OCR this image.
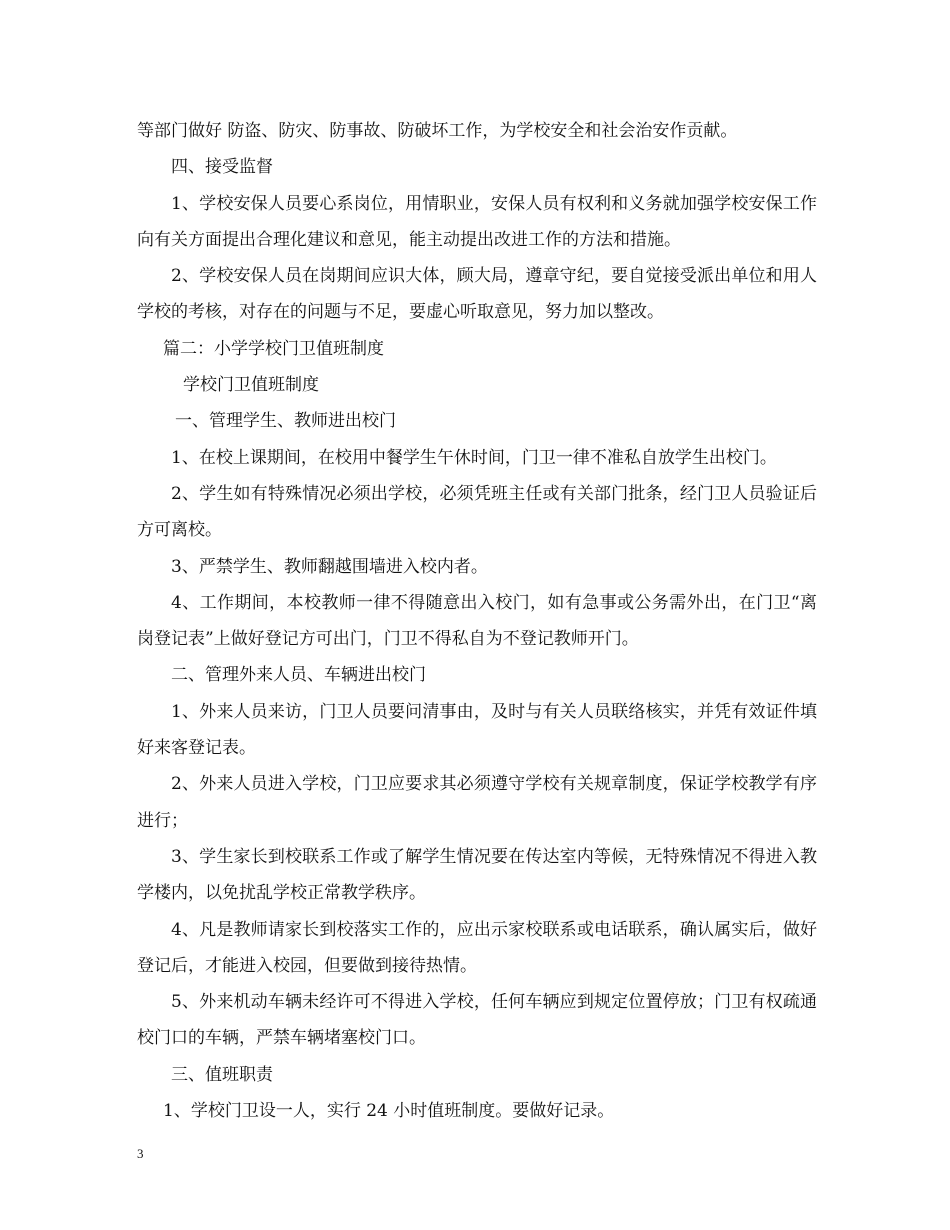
等部门做好 防盗、防灾、防事故、防破坏工作，为学校安全和社会治安作贡献。

四、接受监督

1、学校安保人员要心系岗位，用情职业，安保人员有权利和义务就加强学校安保工作向有关方面提出合理化建议和意见，能主动提出改进工作的方法和措施。

2、学校安保人员在岗期间应识大体，顾大局，遵章守纪，要自觉接受派出单位和用人学校的考核，对存在的问题与不足，要虚心听取意见，努力加以整改。

篇二：小学学校门卫值班制度

学校门卫值班制度

一、管理学生、教师进出校门

1、在校上课期间，在校用中餐学生午休时间，门卫一律不准私自放学生出校门。

2、学生如有特殊情况必须出学校，必须凭班主任或有关部门批条，经门卫人员验证后方可离校。

3、严禁学生、教师翻越围墙进入校内者。

4、工作期间，本校教师一律不得随意出入校门，如有急事或公务需外出，在门卫“离岗登记表”上做好登记方可出门，门卫不得私自为不登记教师开门。

二、管理外来人员、车辆进出校门

1、外来人员来访，门卫人员要问清事由，及时与有关人员联络核实，并凭有效证件填好来客登记表。

2、外来人员进入学校，门卫应要求其必须遵守学校有关规章制度，保证学校教学有序进行；

3、学生家长到校联系工作或了解学生情况要在传达室内等候，无特殊情况不得进入教学楼内，以免扰乱学校正常教学秩序。

4、凡是教师请家长到校落实工作的，应出示家校联系或电话联系，确认属实后，做好登记后，才能进入校园，但要做到接待热情。

5、外来机动车辆未经许可不得进入学校，任何车辆应到规定位置停放；门卫有权疏通校门口的车辆，严禁车辆堵塞校门口。

三、值班职责

1、学校门卫设一人，实行 24 小时值班制度。要做好记录。

3
